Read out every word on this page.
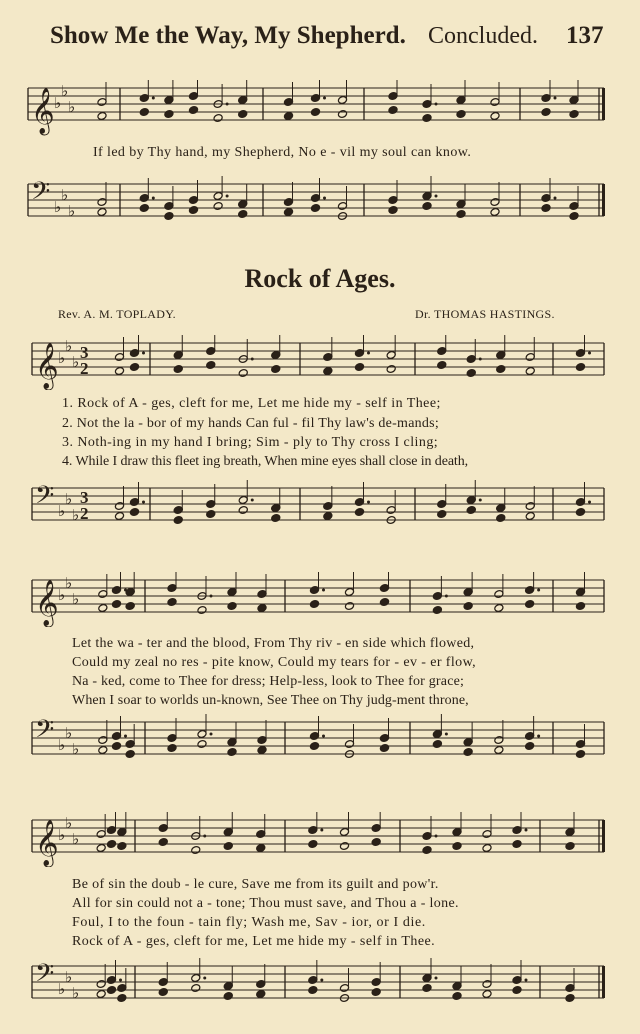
Show Me the Way, My Shepherd. Concluded. 137
𝄞 ♭
♭
♭

If led by Thy hand, my Shepherd, No e - vil my soul can know.

𝄢 ♭
♭
♭
Rock of Ages.
Rev. A. M. TOPLADY.	Dr. THOMAS HASTINGS.
𝄞 ♭
♭
♭ 3
2
1. Rock of A - ges, cleft for me, Let me hide my - self in Thee;
2. Not the la - bor of my hands Can ful - fil Thy law's de-mands;
3. Noth-ing in my hand I bring; Sim - ply to Thy cross I cling;
4. While I draw this fleet ing breath, When mine eyes shall close in death,
𝄢 ♭
♭
♭
3
2
𝄞 ♭
♭
♭
Let the wa - ter and the blood, From Thy riv - en side which flowed,
Could my zeal no res - pite know, Could my tears for - ev - er flow,
Na - ked, come to Thee for dress; Help-less, look to Thee for grace;
When I soar to worlds un-known, See Thee on Thy judg-ment throne,
𝄢 ♭
♭
♭
𝄞 ♭
♭
♭
Be of sin the doub - le cure, Save me from its guilt and pow'r.
All for sin could not a - tone; Thou must save, and Thou a - lone.
Foul, I to the foun - tain fly; Wash me, Sav - ior, or I die.
Rock of A - ges, cleft for me, Let me hide my - self in Thee.
𝄢 ♭
♭
♭
